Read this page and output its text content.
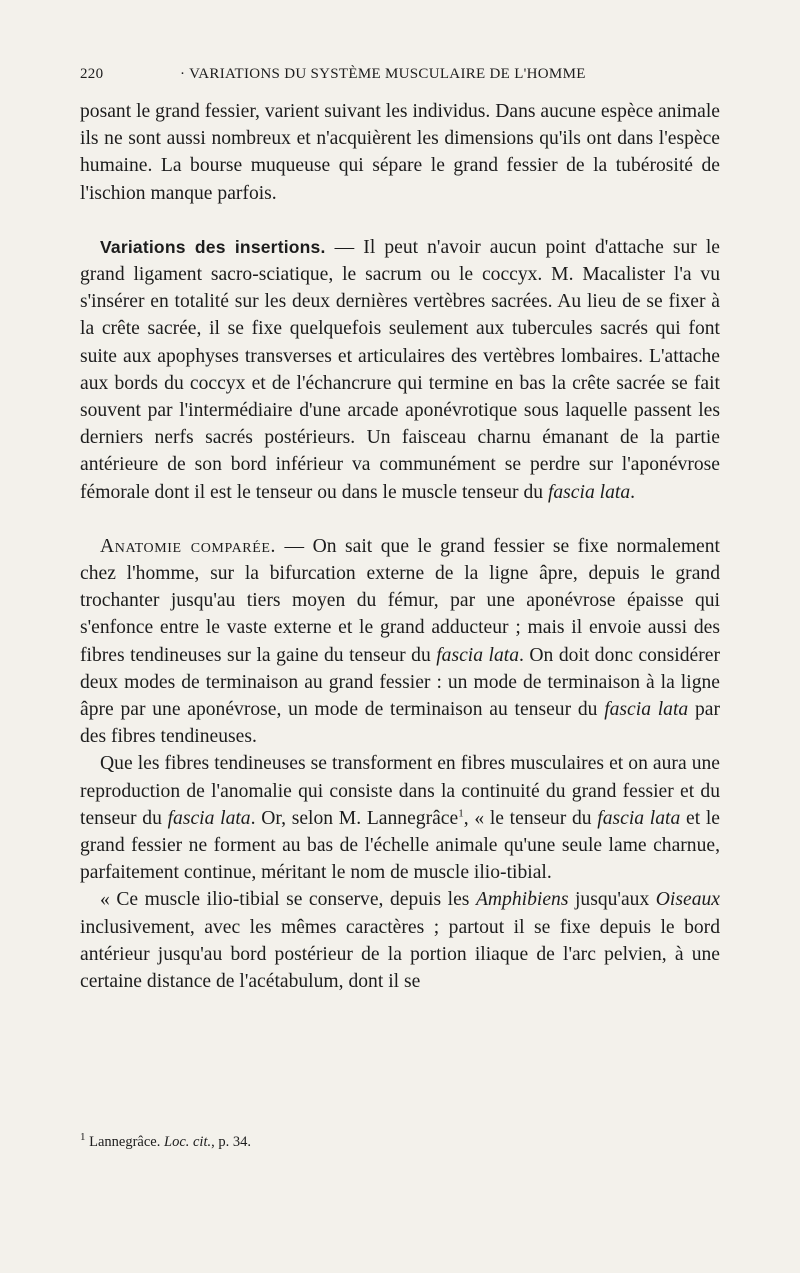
220	· VARIATIONS DU SYSTÈME MUSCULAIRE DE L'HOMME

posant le grand fessier, varient suivant les individus. Dans aucune espèce animale ils ne sont aussi nombreux et n'acquièrent les dimensions qu'ils ont dans l'espèce humaine. La bourse muqueuse qui sépare le grand fessier de la tubérosité de l'ischion manque parfois.

Variations des insertions. — Il peut n'avoir aucun point d'attache sur le grand ligament sacro-sciatique, le sacrum ou le coccyx. M. Macalister l'a vu s'insérer en totalité sur les deux dernières vertèbres sacrées. Au lieu de se fixer à la crête sacrée, il se fixe quelquefois seulement aux tubercules sacrés qui font suite aux apophyses transverses et articulaires des vertèbres lombaires. L'attache aux bords du coccyx et de l'échancrure qui termine en bas la crête sacrée se fait souvent par l'intermédiaire d'une arcade aponévrotique sous laquelle passent les derniers nerfs sacrés postérieurs. Un faisceau charnu émanant de la partie antérieure de son bord inférieur va communément se perdre sur l'aponévrose fémorale dont il est le tenseur ou dans le muscle tenseur du fascia lata.

Anatomie comparée. — On sait que le grand fessier se fixe normalement chez l'homme, sur la bifurcation externe de la ligne âpre, depuis le grand trochanter jusqu'au tiers moyen du fémur, par une aponévrose épaisse qui s'enfonce entre le vaste externe et le grand adducteur ; mais il envoie aussi des fibres tendineuses sur la gaine du tenseur du fascia lata. On doit donc considérer deux modes de terminaison au grand fessier : un mode de terminaison à la ligne âpre par une aponévrose, un mode de terminaison au tenseur du fascia lata par des fibres tendineuses.

Que les fibres tendineuses se transforment en fibres musculaires et on aura une reproduction de l'anomalie qui consiste dans la continuité du grand fessier et du tenseur du fascia lata. Or, selon M. Lannegrâce$^1$, « le tenseur du fascia lata et le grand fessier ne forment au bas de l'échelle animale qu'une seule lame charnue, parfaitement continue, méritant le nom de muscle ilio-tibial.

« Ce muscle ilio-tibial se conserve, depuis les Amphibiens jusqu'aux Oiseaux inclusivement, avec les mêmes caractères ; partout il se fixe depuis le bord antérieur jusqu'au bord postérieur de la portion iliaque de l'arc pelvien, à une certaine distance de l'acétabulum, dont il se

$^1$ Lannegrâce. Loc. cit., p. 34.
